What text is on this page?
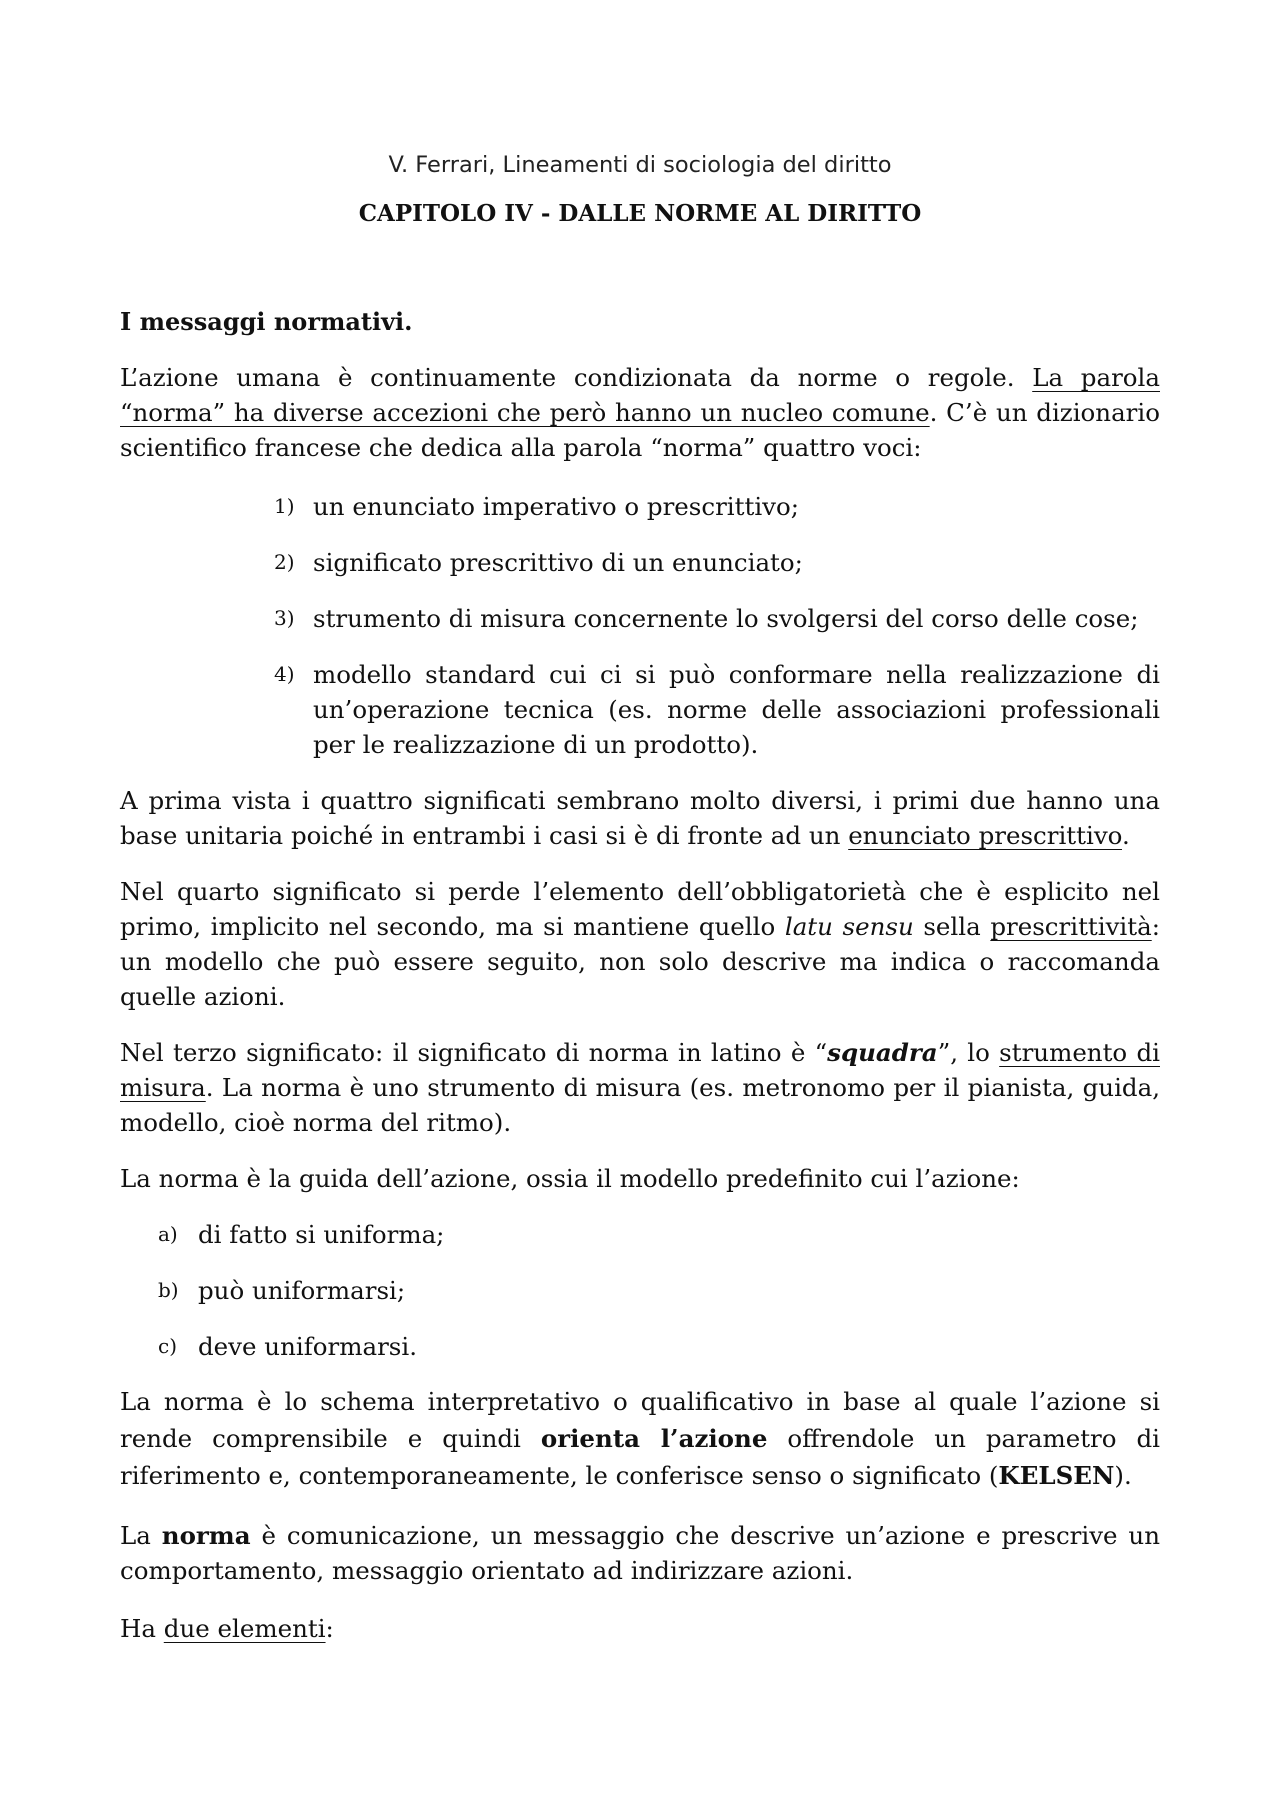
V. Ferrari, Lineamenti di sociologia del diritto
CAPITOLO IV - DALLE NORME AL DIRITTO
I messaggi normativi.

L’azione umana è continuamente condizionata da norme o regole. La parola “norma” ha diverse accezioni che però hanno un nucleo comune. C’è un dizionario scientifico francese che dedica alla parola “norma” quattro voci:

1) un enunciato imperativo o prescrittivo;
2) significato prescrittivo di un enunciato;
3) strumento di misura concernente lo svolgersi del corso delle cose;
4) modello standard cui ci si può conformare nella realizzazione di un’operazione tecnica (es. norme delle associazioni professionali per le realizzazione di un prodotto).

A prima vista i quattro significati sembrano molto diversi, i primi due hanno una base unitaria poiché in entrambi i casi si è di fronte ad un enunciato prescrittivo.

Nel quarto significato si perde l’elemento dell’obbligatorietà che è esplicito nel primo, implicito nel secondo, ma si mantiene quello latu sensu sella prescrittività: un modello che può essere seguito, non solo descrive ma indica o raccomanda quelle azioni.

Nel terzo significato: il significato di norma in latino è “squadra”, lo strumento di misura. La norma è uno strumento di misura (es. metronomo per il pianista, guida, modello, cioè norma del ritmo).

La norma è la guida dell’azione, ossia il modello predefinito cui l’azione:

a) di fatto si uniforma;
b) può uniformarsi;
c) deve uniformarsi.

La norma è lo schema interpretativo o qualificativo in base al quale l’azione si rende comprensibile e quindi orienta l’azione offrendole un parametro di riferimento e, contemporaneamente, le conferisce senso o significato (KELSEN).

La norma è comunicazione, un messaggio che descrive un’azione e prescrive un comportamento, messaggio orientato ad indirizzare azioni.

Ha due elementi:
